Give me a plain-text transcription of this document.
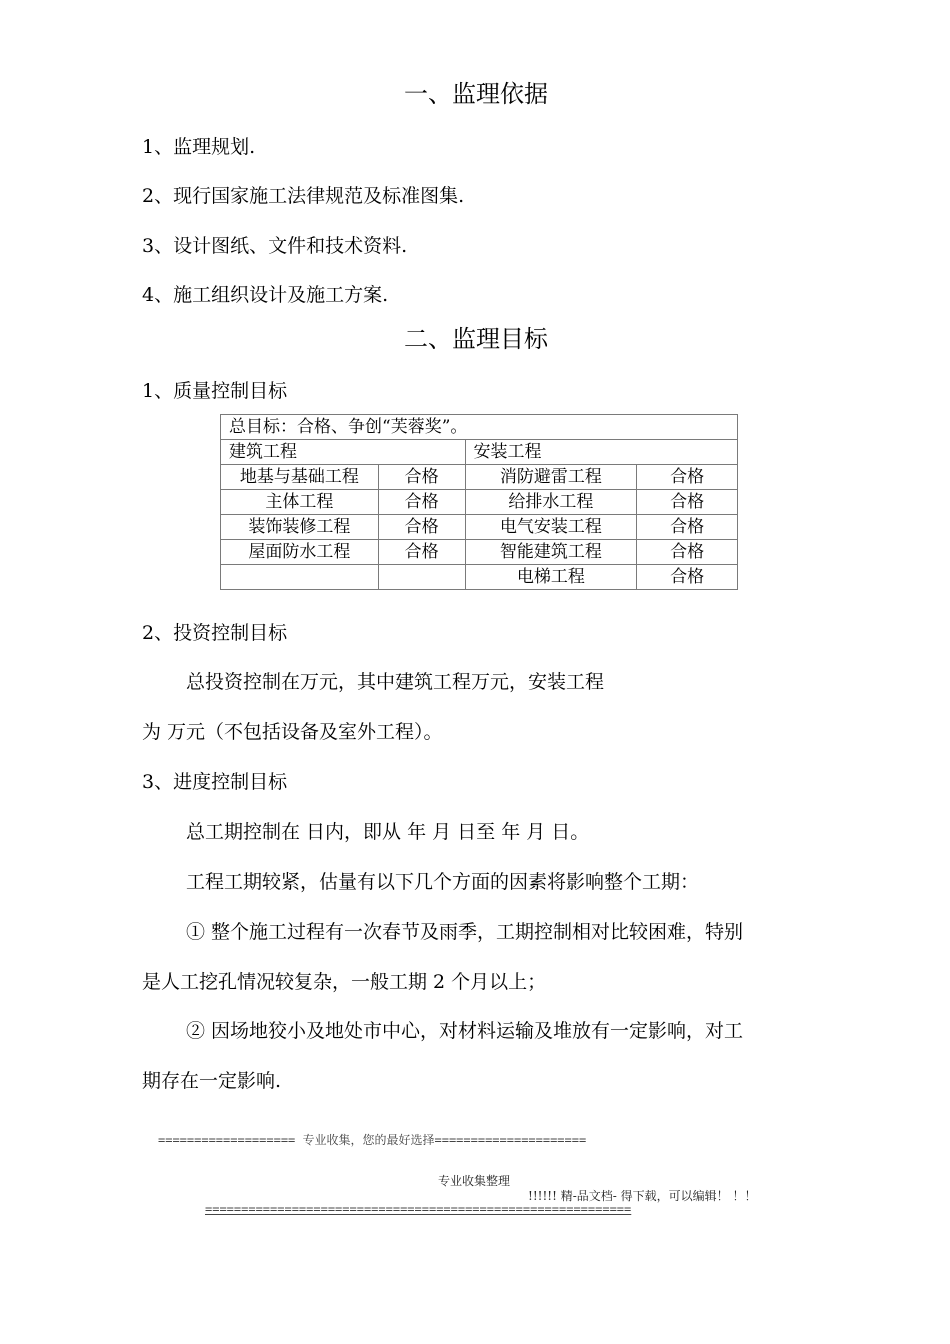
一、监理依据
1、监理规划.
2、现行国家施工法律规范及标准图集.
3、设计图纸、文件和技术资料.
4、施工组织设计及施工方案.
二、监理目标
1、质量控制目标
总目标：合格、争创“芙蓉奖”。			
建筑工程		安装工程	
地基与基础工程	合格	消防避雷工程	合格
主体工程	合格	给排水工程	合格
装饰装修工程	合格	电气安装工程	合格
屋面防水工程	合格	智能建筑工程	合格
		电梯工程	合格
2、投资控制目标
总投资控制在万元，其中建筑工程万元，安装工程
为 万元（不包括设备及室外工程）。
3、进度控制目标
总工期控制在 日内，即从 年 月 日至 年 月 日。
工程工期较紧，估量有以下几个方面的因素将影响整个工期：
① 整个施工过程有一次春节及雨季，工期控制相对比较困难，特别
是人工挖孔情况较复杂，一般工期 2 个月以上；
② 因场地狡小及地处市中心，对材料运输及堆放有一定影响，对工
期存在一定影响.
=================== 专业收集，您的最好选择=====================
专业收集整理
!!!!!! 精-品文档- 得下载，可以编辑！ ！！
===========================================================
